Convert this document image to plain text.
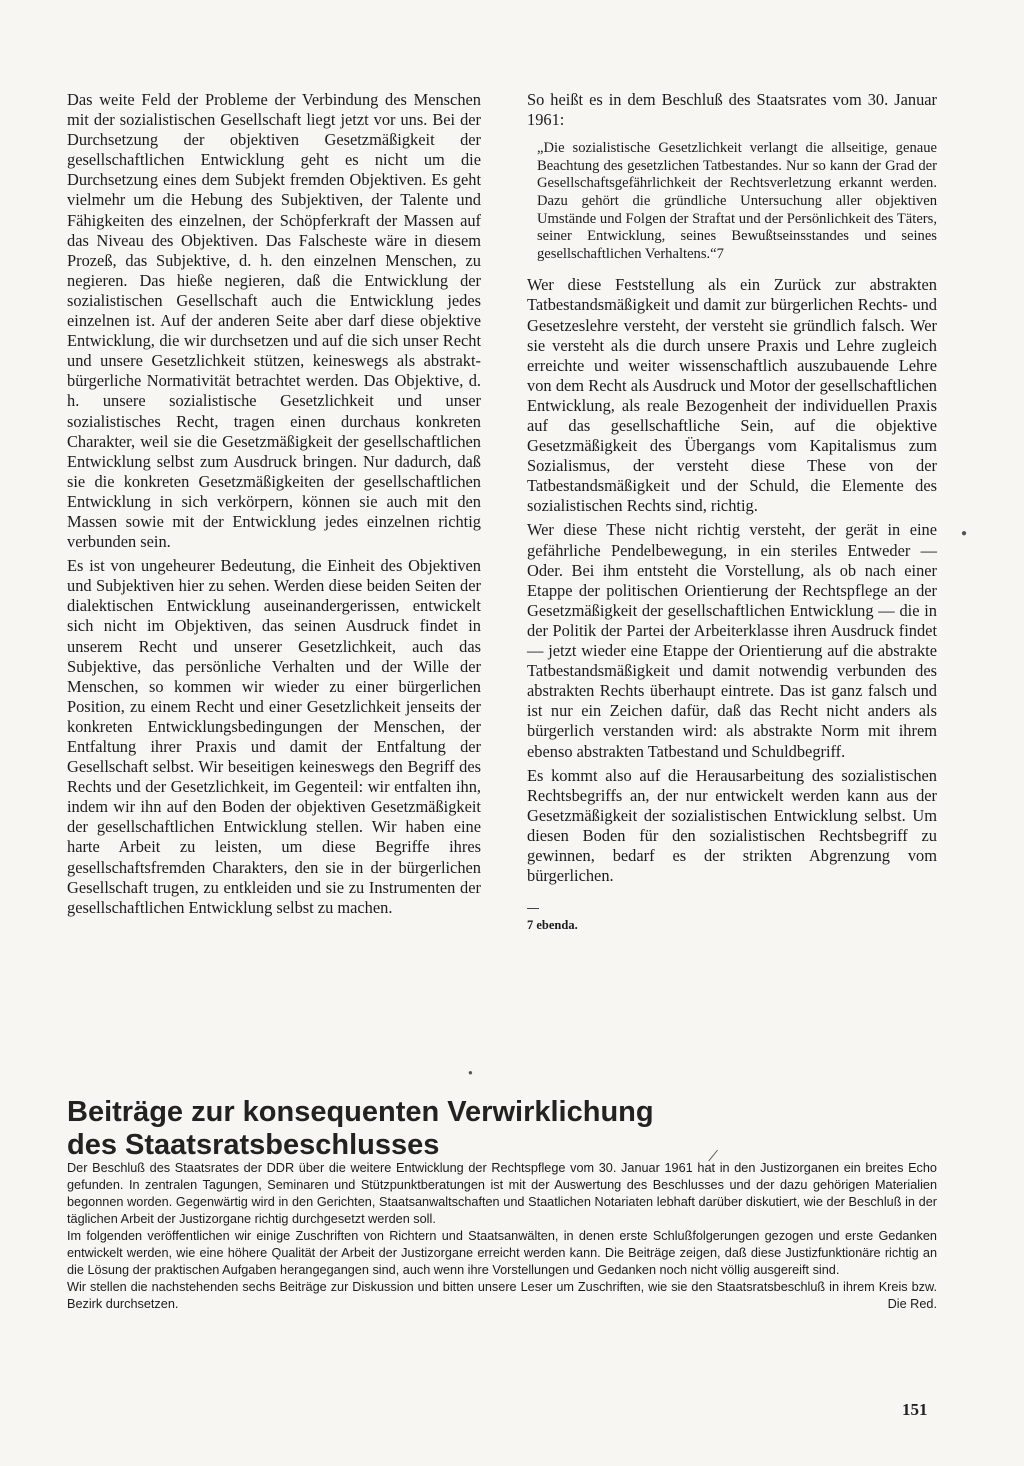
Das weite Feld der Probleme der Verbindung des Menschen mit der sozialistischen Gesellschaft liegt jetzt vor uns. Bei der Durchsetzung der objektiven Gesetzmäßigkeit der gesellschaftlichen Entwicklung geht es nicht um die Durchsetzung eines dem Subjekt fremden Objektiven. Es geht vielmehr um die Hebung des Subjektiven, der Talente und Fähigkeiten des einzelnen, der Schöpferkraft der Massen auf das Niveau des Objektiven. Das Falscheste wäre in diesem Prozeß, das Subjektive, d. h. den einzelnen Menschen, zu negieren. Das hieße negieren, daß die Entwicklung der sozialistischen Gesellschaft auch die Entwicklung jedes einzelnen ist. Auf der anderen Seite aber darf diese objektive Entwicklung, die wir durchsetzen und auf die sich unser Recht und unsere Gesetzlichkeit stützen, keineswegs als abstrakt-bürgerliche Normativität betrachtet werden. Das Objektive, d. h. unsere sozialistische Gesetzlichkeit und unser sozialistisches Recht, tragen einen durchaus konkreten Charakter, weil sie die Gesetzmäßigkeit der gesellschaftlichen Entwicklung selbst zum Ausdruck bringen. Nur dadurch, daß sie die konkreten Gesetzmäßigkeiten der gesellschaftlichen Entwicklung in sich verkörpern, können sie auch mit den Massen sowie mit der Entwicklung jedes einzelnen richtig verbunden sein.

Es ist von ungeheurer Bedeutung, die Einheit des Objektiven und Subjektiven hier zu sehen. Werden diese beiden Seiten der dialektischen Entwicklung auseinandergerissen, entwickelt sich nicht im Objektiven, das seinen Ausdruck findet in unserem Recht und unserer Gesetzlichkeit, auch das Subjektive, das persönliche Verhalten und der Wille der Menschen, so kommen wir wieder zu einer bürgerlichen Position, zu einem Recht und einer Gesetzlichkeit jenseits der konkreten Entwicklungsbedingungen der Menschen, der Entfaltung ihrer Praxis und damit der Entfaltung der Gesellschaft selbst. Wir beseitigen keineswegs den Begriff des Rechts und der Gesetzlichkeit, im Gegenteil: wir entfalten ihn, indem wir ihn auf den Boden der objektiven Gesetzmäßigkeit der gesellschaftlichen Entwicklung stellen. Wir haben eine harte Arbeit zu leisten, um diese Begriffe ihres gesellschaftsfremden Charakters, den sie in der bürgerlichen Gesellschaft trugen, zu entkleiden und sie zu Instrumenten der gesellschaftlichen Entwicklung selbst zu machen.

So heißt es in dem Beschluß des Staatsrates vom 30. Januar 1961:

„Die sozialistische Gesetzlichkeit verlangt die allseitige, genaue Beachtung des gesetzlichen Tatbestandes. Nur so kann der Grad der Gesellschaftsgefährlichkeit der Rechtsverletzung erkannt werden. Dazu gehört die gründliche Untersuchung aller objektiven Umstände und Folgen der Straftat und der Persönlichkeit des Täters, seiner Entwicklung, seines Bewußtseinsstandes und seines gesellschaftlichen Verhaltens.“7

Wer diese Feststellung als ein Zurück zur abstrakten Tatbestandsmäßigkeit und damit zur bürgerlichen Rechts- und Gesetzeslehre versteht, der versteht sie gründlich falsch. Wer sie versteht als die durch unsere Praxis und Lehre zugleich erreichte und weiter wissenschaftlich auszubauende Lehre von dem Recht als Ausdruck und Motor der gesellschaftlichen Entwicklung, als reale Bezogenheit der individuellen Praxis auf das gesellschaftliche Sein, auf die objektive Gesetzmäßigkeit des Übergangs vom Kapitalismus zum Sozialismus, der versteht diese These von der Tatbestandsmäßigkeit und der Schuld, die Elemente des sozialistischen Rechts sind, richtig.

Wer diese These nicht richtig versteht, der gerät in eine gefährliche Pendelbewegung, in ein steriles Entweder — Oder. Bei ihm entsteht die Vorstellung, als ob nach einer Etappe der politischen Orientierung der Rechtspflege an der Gesetzmäßigkeit der gesellschaftlichen Entwicklung — die in der Politik der Partei der Arbeiterklasse ihren Ausdruck findet — jetzt wieder eine Etappe der Orientierung auf die abstrakte Tatbestandsmäßigkeit und damit notwendig verbunden des abstrakten Rechts überhaupt eintrete. Das ist ganz falsch und ist nur ein Zeichen dafür, daß das Recht nicht anders als bürgerlich verstanden wird: als abstrakte Norm mit ihrem ebenso abstrakten Tatbestand und Schuldbegriff.

Es kommt also auf die Herausarbeitung des sozialistischen Rechtsbegriffs an, der nur entwickelt werden kann aus der Gesetzmäßigkeit der sozialistischen Entwicklung selbst. Um diesen Boden für den sozialistischen Rechtsbegriff zu gewinnen, bedarf es der strikten Abgrenzung vom bürgerlichen.

7 ebenda.

Beiträge zur konsequenten Verwirklichung
des Staatsratsbeschlusses

Der Beschluß des Staatsrates der DDR über die weitere Entwicklung der Rechtspflege vom 30. Januar 1961 hat in den Justizorganen ein breites Echo gefunden. In zentralen Tagungen, Seminaren und Stützpunktberatungen ist mit der Auswertung des Beschlusses und der dazu gehörigen Materialien begonnen worden. Gegenwärtig wird in den Gerichten, Staatsanwaltschaften und Staatlichen Notariaten lebhaft darüber diskutiert, wie der Beschluß in der täglichen Arbeit der Justizorgane richtig durchgesetzt werden soll.

Im folgenden veröffentlichen wir einige Zuschriften von Richtern und Staatsanwälten, in denen erste Schlußfolgerungen gezogen und erste Gedanken entwickelt werden, wie eine höhere Qualität der Arbeit der Justizorgane erreicht werden kann. Die Beiträge zeigen, daß diese Justizfunktionäre richtig an die Lösung der praktischen Aufgaben herangegangen sind, auch wenn ihre Vorstellungen und Gedanken noch nicht völlig ausgereift sind.

Wir stellen die nachstehenden sechs Beiträge zur Diskussion und bitten unsere Leser um Zuschriften, wie sie den Staatsratsbeschluß in ihrem Kreis bzw. Bezirk durchsetzen.	Die Red.

151

●
●
/
